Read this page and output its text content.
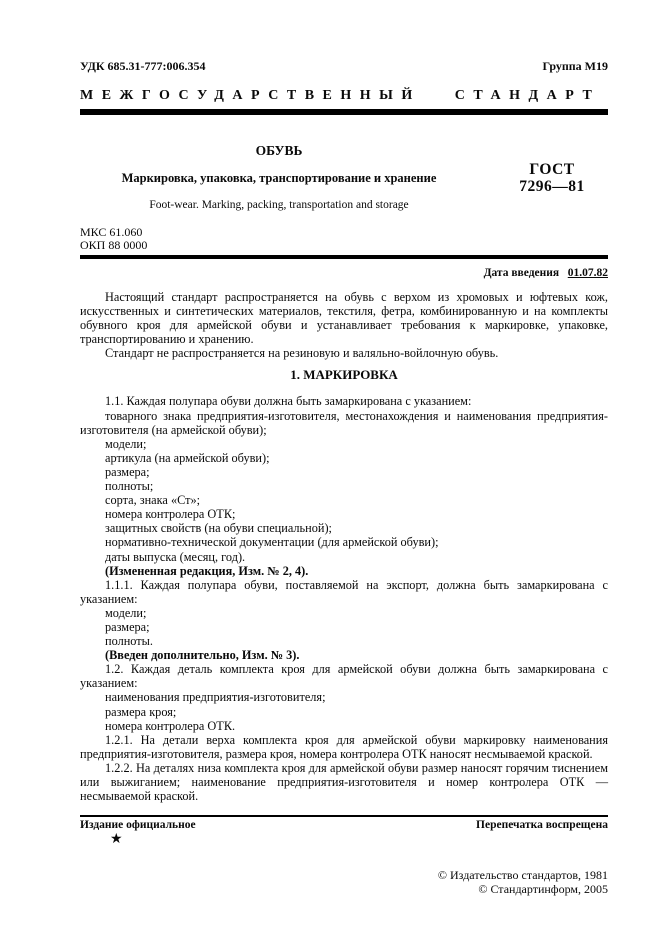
УДК 685.31-777:006.354	Группа М19
МЕЖГОСУДАРСТВЕННЫЙ СТАНДАРТ
ОБУВЬ
Маркировка, упаковка, транспортирование и хранение
Foot-wear. Marking, packing, transportation and storage
ГОСТ
7296—81
МКС 61.060
ОКП 88 0000
Дата введения 01.07.82

Настоящий стандарт распространяется на обувь с верхом из хромовых и юфтевых кож, искусственных и синтетических материалов, текстиля, фетра, комбинированную и на комплекты обувного кроя для армейской обуви и устанавливает требования к маркировке, упаковке, транспортированию и хранению.

Стандарт не распространяется на резиновую и валяльно-войлочную обувь.

1. МАРКИРОВКА

1.1. Каждая полупара обуви должна быть замаркирована с указанием:

товарного знака предприятия-изготовителя, местонахождения и наименования предприятия-изготовителя (на армейской обуви);

модели;

артикула (на армейской обуви);

размера;

полноты;

сорта, знака «Ст»;

номера контролера ОТК;

защитных свойств (на обуви специальной);

нормативно-технической документации (для армейской обуви);

даты выпуска (месяц, год).

(Измененная редакция, Изм. № 2, 4).

1.1.1. Каждая полупара обуви, поставляемой на экспорт, должна быть замаркирована с указанием:

модели;

размера;

полноты.

(Введен дополнительно, Изм. № 3).

1.2. Каждая деталь комплекта кроя для армейской обуви должна быть замаркирована с указанием:

наименования предприятия-изготовителя;

размера кроя;

номера контролера ОТК.

1.2.1. На детали верха комплекта кроя для армейской обуви маркировку наименования предприятия-изготовителя, размера кроя, номера контролера ОТК наносят несмываемой краской.

1.2.2. На деталях низа комплекта кроя для армейской обуви размер наносят горячим тиснением или выжиганием; наименование предприятия-изготовителя и номер контролера ОТК — несмываемой краской.

Издание официальное	Перепечатка воспрещена
★
© Издательство стандартов, 1981
© Стандартинформ, 2005
